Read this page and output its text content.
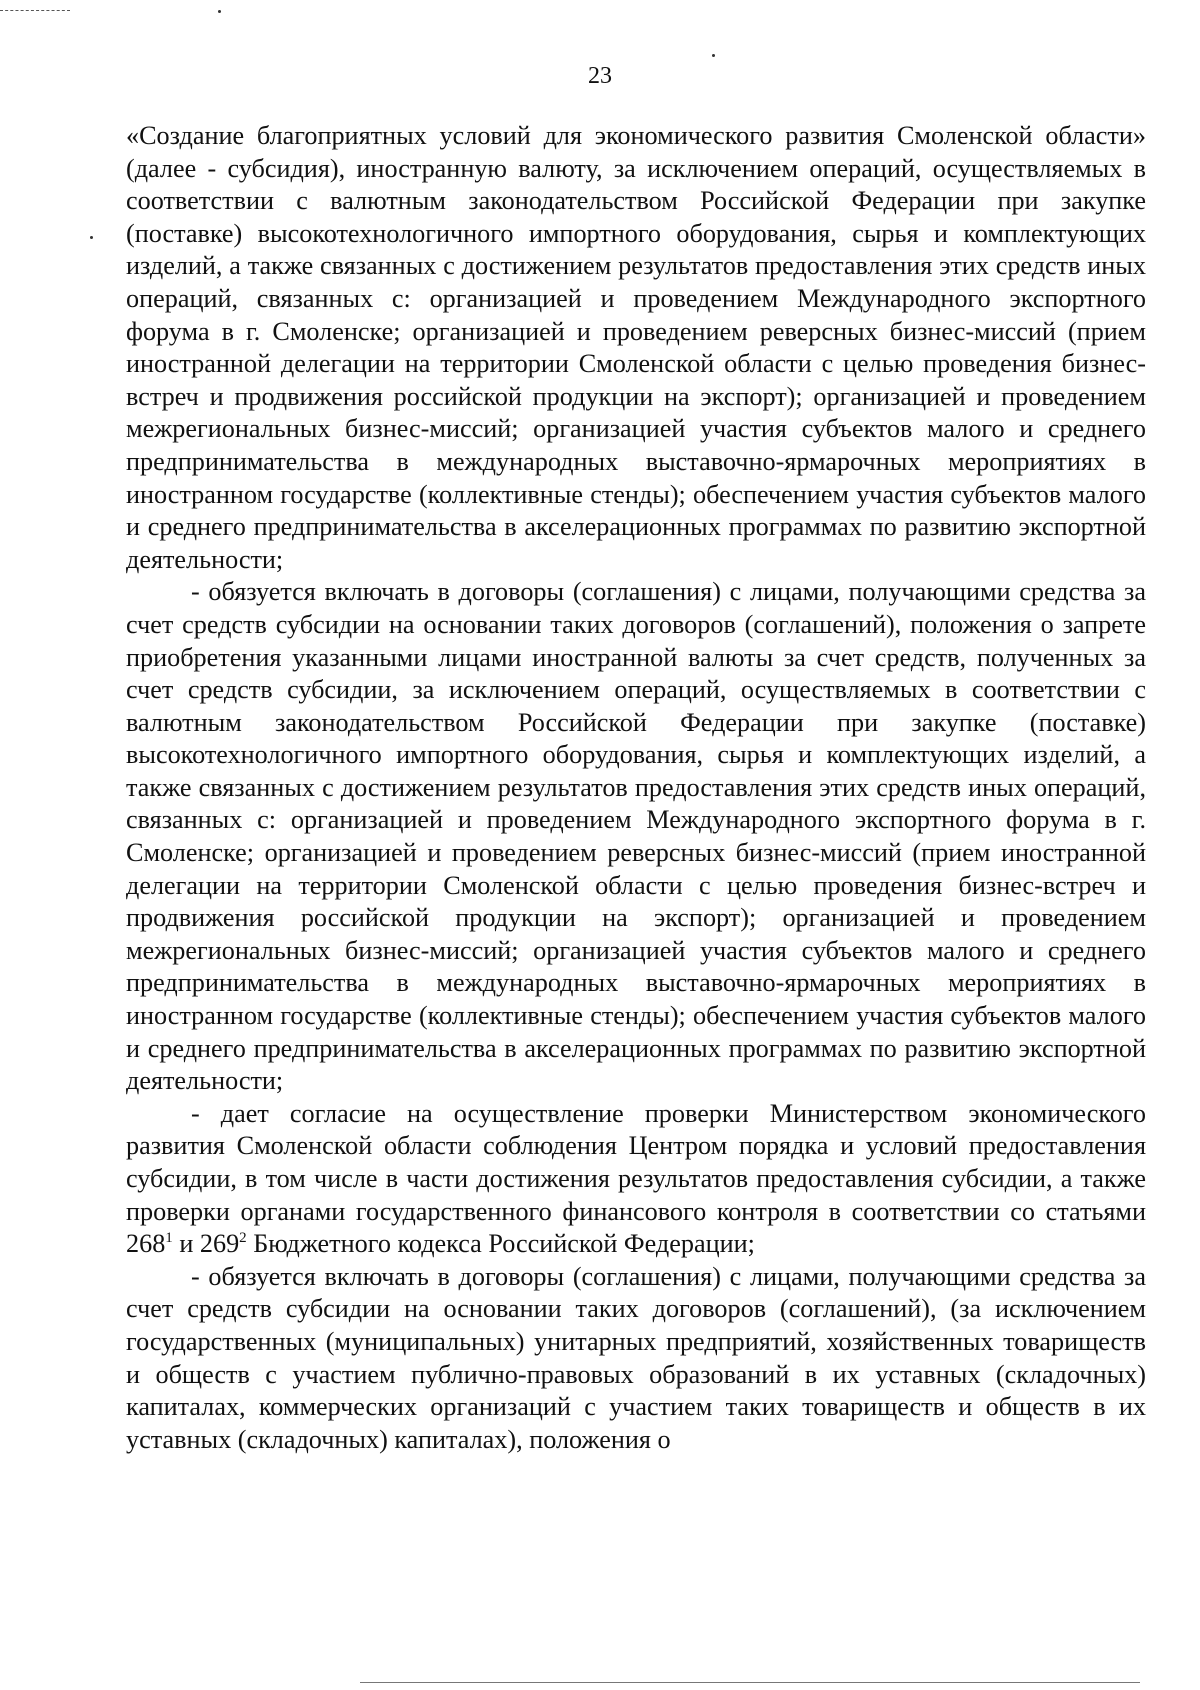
23

«Создание благоприятных условий для экономического развития Смоленской области» (далее - субсидия), иностранную валюту, за исключением операций, осуществляемых в соответствии с валютным законодательством Российской Федерации при закупке (поставке) высокотехнологичного импортного оборудования, сырья и комплектующих изделий, а также связанных с достижением результатов предоставления этих средств иных операций, связанных с: организацией и проведением Международного экспортного форума в г. Смоленске; организацией и проведением реверсных бизнес-миссий (прием иностранной делегации на территории Смоленской области с целью проведения бизнес-встреч и продвижения российской продукции на экспорт); организацией и проведением межрегиональных бизнес-миссий; организацией участия субъектов малого и среднего предпринимательства в международных выставочно-ярмарочных мероприятиях в иностранном государстве (коллективные стенды); обеспечением участия субъектов малого и среднего предпринимательства в акселерационных программах по развитию экспортной деятельности;

- обязуется включать в договоры (соглашения) с лицами, получающими средства за счет средств субсидии на основании таких договоров (соглашений), положения о запрете приобретения указанными лицами иностранной валюты за счет средств, полученных за счет средств субсидии, за исключением операций, осуществляемых в соответствии с валютным законодательством Российской Федерации при закупке (поставке) высокотехнологичного импортного оборудования, сырья и комплектующих изделий, а также связанных с достижением результатов предоставления этих средств иных операций, связанных с: организацией и проведением Международного экспортного форума в г. Смоленске; организацией и проведением реверсных бизнес-миссий (прием иностранной делегации на территории Смоленской области с целью проведения бизнес-встреч и продвижения российской продукции на экспорт); организацией и проведением межрегиональных бизнес-миссий; организацией участия субъектов малого и среднего предпринимательства в международных выставочно-ярмарочных мероприятиях в иностранном государстве (коллективные стенды); обеспечением участия субъектов малого и среднего предпринимательства в акселерационных программах по развитию экспортной деятельности;

- дает согласие на осуществление проверки Министерством экономического развития Смоленской области соблюдения Центром порядка и условий предоставления субсидии, в том числе в части достижения результатов предоставления субсидии, а также проверки органами государственного финансового контроля в соответствии со статьями $268^1$ и $269^2$ Бюджетного кодекса Российской Федерации;

- обязуется включать в договоры (соглашения) с лицами, получающими средства за счет средств субсидии на основании таких договоров (соглашений), (за исключением государственных (муниципальных) унитарных предприятий, хозяйственных товариществ и обществ с участием публично-правовых образований в их уставных (складочных) капиталах, коммерческих организаций с участием таких товариществ и обществ в их уставных (складочных) капиталах), положения о
